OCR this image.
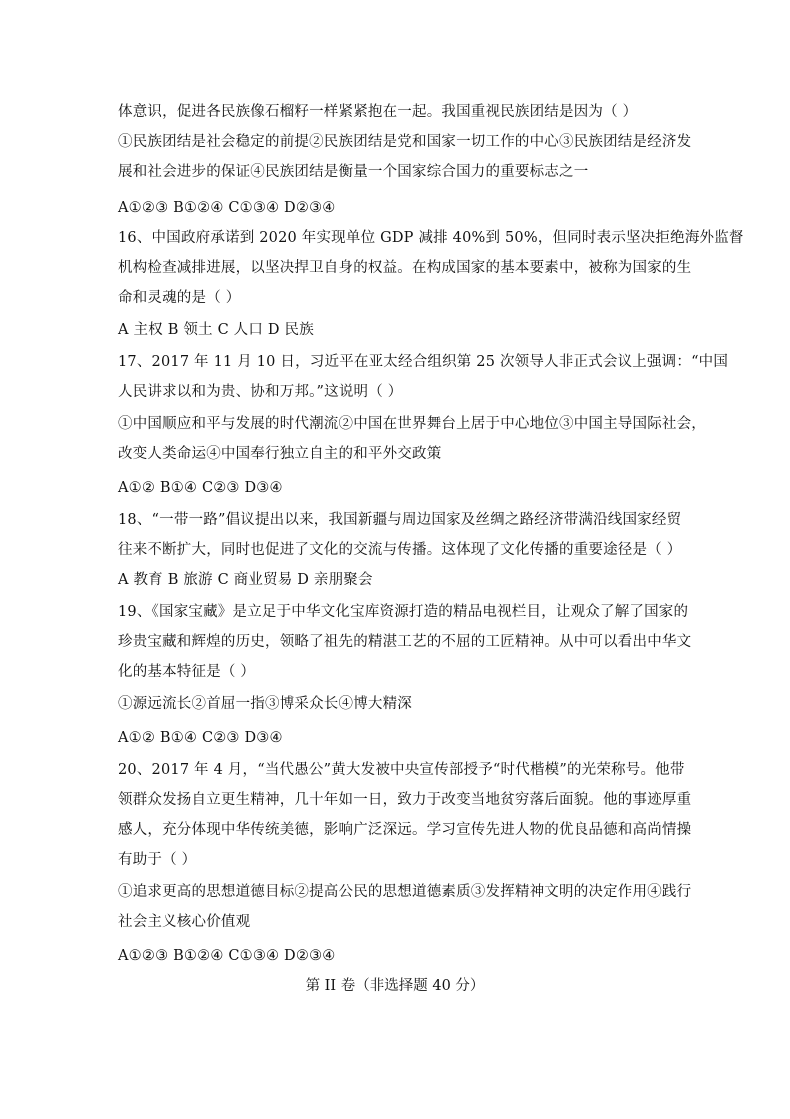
体意识，促进各民族像石榴籽一样紧紧抱在一起。我国重视民族团结是因为（ ）
①民族团结是社会稳定的前提②民族团结是党和国家一切工作的中心③民族团结是经济发
展和社会进步的保证④民族团结是衡量一个国家综合国力的重要标志之一
A①②③ B①②④ C①③④ D②③④
16、中国政府承诺到 2020 年实现单位 GDP 减排 40%到 50%，但同时表示坚决拒绝海外监督
机构检查减排进展，以坚决捍卫自身的权益。在构成国家的基本要素中，被称为国家的生
命和灵魂的是（ ）
A 主权 B 领土 C 人口 D 民族
17、2017 年 11 月 10 日，习近平在亚太经合组织第 25 次领导人非正式会议上强调：“中国
人民讲求以和为贵、协和万邦。”这说明（ ）
①中国顺应和平与发展的时代潮流②中国在世界舞台上居于中心地位③中国主导国际社会，
改变人类命运④中国奉行独立自主的和平外交政策
A①② B①④ C②③ D③④
18、“一带一路”倡议提出以来，我国新疆与周边国家及丝绸之路经济带满沿线国家经贸
往来不断扩大，同时也促进了文化的交流与传播。这体现了文化传播的重要途径是（ ）
A 教育 B 旅游 C 商业贸易 D 亲朋聚会
19、《国家宝藏》是立足于中华文化宝库资源打造的精品电视栏目，让观众了解了国家的
珍贵宝藏和辉煌的历史，领略了祖先的精湛工艺的不屈的工匠精神。从中可以看出中华文
化的基本特征是（ ）
①源远流长②首屈一指③博采众长④博大精深
A①② B①④ C②③ D③④
20、2017 年 4 月，“当代愚公”黄大发被中央宣传部授予“时代楷模”的光荣称号。他带
领群众发扬自立更生精神，几十年如一日，致力于改变当地贫穷落后面貌。他的事迹厚重
感人，充分体现中华传统美德，影响广泛深远。学习宣传先进人物的优良品德和高尚情操
有助于（ ）
①追求更高的思想道德目标②提高公民的思想道德素质③发挥精神文明的决定作用④践行
社会主义核心价值观
A①②③ B①②④ C①③④ D②③④
第 II 卷（非选择题 40 分）
